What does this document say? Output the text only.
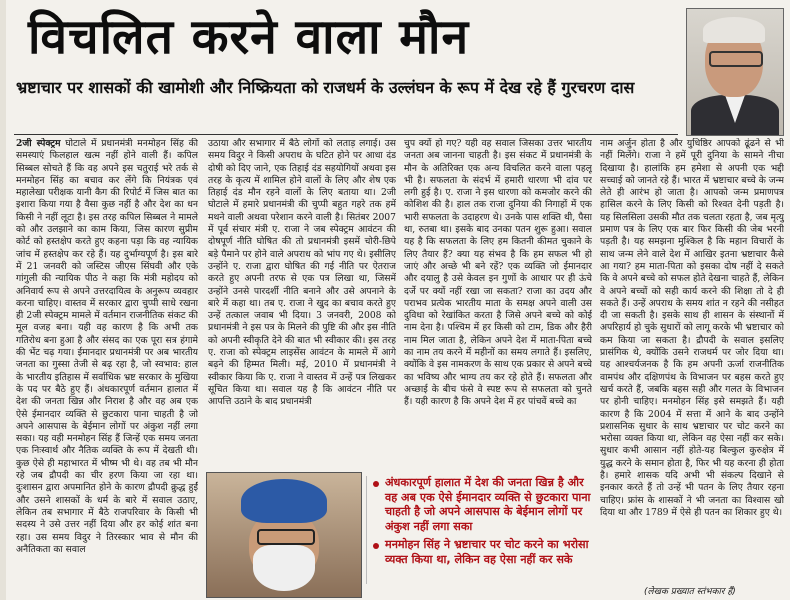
विचलित करने वाला मौन
भ्रष्टाचार पर शासकों की खामोशी और निष्क्रियता को राजधर्म के उल्लंघन के रूप में देख रहे हैं गुरचरण दास

2जी स्पेक्ट्रम घोटाले में प्रधानमंत्री मनमोहन सिंह की समस्याएं फिलहाल खत्म नहीं होने वाली हैं। कपिल सिब्बल सोचते हैं कि वह अपने इस चतुराई भरे तर्क से मनमोहन सिंह का बचाव कर लेंगे कि नियंत्रक एवं महालेखा परीक्षक यानी कैग की रिपोर्ट में जिस बात का इशारा किया गया है वैसा कुछ नहीं है और देश का धन किसी ने नहीं लूटा है। इस तरह कपिल सिब्बल ने मामले को और उलझाने का काम किया, जिस कारण सुप्रीम कोर्ट को हस्तक्षेप करते हुए कहना पड़ा कि वह न्यायिक जांच में हस्तक्षेप कर रहे हैं। यह दुर्भाग्यपूर्ण है। इस बारे में 21 जनवरी को जस्टिस जीएस सिंघवी और एके गांगुली की न्यायिक पीठ ने कहा कि मंत्री महोदय को अनिवार्य रूप से अपने उत्तरदायित्व के अनुरूप व्यवहार करना चाहिए। वास्तव में सरकार द्वारा चुप्पी साधे रखना ही 2जी स्पेक्ट्रम मामले में वर्तमान राजनीतिक संकट की मूल वजह बना। यही वह कारण है कि अभी तक गतिरोध बना हुआ है और संसद का एक पूरा सत्र हंगामे की भेंट चढ़ गया। ईमानदार प्रधानमंत्री पर अब भारतीय जनता का गुस्सा तेजी से बढ़ रहा है, जो स्वभाव: हाल के भारतीय इतिहास में सर्वाधिक भ्रष्ट सरकार के मुखिया के पद पर बैठे हुए हैं। अंधकारपूर्ण वर्तमान हालात में देश की जनता खिन्न और निराश है और वह अब एक ऐसे ईमानदार व्यक्ति से छुटकारा पाना चाहती है जो अपने आसपास के बेईमान लोगों पर अंकुश नहीं लगा सका। यह वही मनमोहन सिंह हैं जिन्हें एक समय जनता एक निःस्वार्थ और नैतिक व्यक्ति के रूप में देखती थी। कुछ ऐसे ही महाभारत में भीष्म भी थे। वह तब भी मौन रहे जब द्रौपदी का चीर हरण किया जा रहा था। दुःशासन द्वारा अपमानित होने के कारण द्रौपदी क्रुद्ध हुईं और उसने शासकों के धर्म के बारे में सवाल उठाए, लेकिन तब सभागार में बैठे राजपरिवार के किसी भी सदस्य ने उसे उत्तर नहीं दिया और हर कोई शांत बना रहा। उस समय विदुर ने तिरस्कार भाव से मौन की अनैतिकता का सवाल

उठाया और सभागार में बैठे लोगों को लताड़ लगाई। उस समय विदुर ने किसी अपराध के घटित होने पर आधा दंड दोषी को दिए जाने, एक तिहाई दंड सहयोगियों अथवा इस तरह के कृत्य में शामिल होने वालों के लिए और शेष एक तिहाई दंड मौन रहने वालों के लिए बताया था। 2जी घोटाले में हमारे प्रधानमंत्री की चुप्पी बहुत गहरे तक हमें मथने वाली अथवा परेशान करने वाली है। सितंबर 2007 में पूर्व संचार मंत्री ए. राजा ने जब स्पेक्ट्रम आवंटन की दोषपूर्ण नीति घोषित की तो प्रधानमंत्री इसमें चोरी-छिपे बड़े पैमाने पर होने वाले अपराध को भांप गए थे। इसीलिए उन्होंने ए. राजा द्वारा घोषित की गई नीति पर ऐतराज करते हुए अपनी तरफ से एक पत्र लिखा था, जिसमें उन्होंने उनसे पारदर्शी नीति बनाने और उसे अपनाने के बारे में कहा था। तब ए. राजा ने खुद का बचाव करते हुए उन्हें तत्काल जवाब भी दिया। 3 जनवरी, 2008 को प्रधानमंत्री ने इस पत्र के मिलने की पुष्टि की और इस नीति को अपनी स्वीकृति देने की बात भी स्वीकार की। इस तरह ए. राजा को स्पेक्ट्रम लाइसेंस आवंटन के मामले में आगे बढ़ने की हिम्मत मिली। मई, 2010 में प्रधानमंत्री ने स्वीकार किया कि ए. राजा ने वास्तव में उन्हें पत्र लिखकर सूचित किया था। सवाल यह है कि आवंटन नीति पर आपत्ति उठाने के बाद प्रधानमंत्री

चुप क्यों हो गए? यही वह सवाल जिसका उत्तर भारतीय जनता अब जानना चाहती है। इस संकट में प्रधानमंत्री के मौन के अतिरिक्त एक अन्य विचलित करने वाला पहलू भी है। सफलता के संदर्भ में हमारी धारणा भी दांव पर लगी हुई है। ए. राजा ने इस धारणा को कमजोर करने की कोशिश की है। हाल तक राजा दुनिया की निगाहों में एक भारी सफलता के उदाहरण थे। उनके पास शक्ति थी, पैसा था, रुतबा था। इसके बाद उनका पतन शुरू हुआ। सवाल यह है कि सफलता के लिए हम कितनी कीमत चुकाने के लिए तैयार हैं? क्या यह संभव है कि हम सफल भी हो जाएं और अच्छे भी बने रहें? एक व्यक्ति जो ईमानदार और दयालु है उसे केवल इन गुणों के आधार पर ही ऊंचे दर्जे पर क्यों नहीं रखा जा सकता? राजा का उदय और पराभव प्रत्येक भारतीय माता के समक्ष अपने वाली उस दुविधा को रेखांकित करता है जिसे अपने बच्चे को कोई नाम देना है। पश्चिम में हर किसी को टाम, डिक और हैरी नाम मिल जाता है, लेकिन अपने देश में माता-पिता बच्चे का नाम तय करने में महीनों का समय लगाते हैं। इसलिए, क्योंकि वे इस नामकरण के साथ एक प्रकार से अपने बच्चे का भविष्य और भाग्य तय कर रहे होते हैं। सफलता और अच्छाई के बीच फंसे वे स्पष्ट रूप से सफलता को चुनते हैं। यही कारण है कि अपने देश में हर पांचवें बच्चे का

नाम अर्जुन होता है और युधिष्ठिर आपको ढूंढने से भी नहीं मिलेंगे। राजा ने हमें पूरी दुनिया के सामने नीचा दिखाया है। हालांकि हम हमेशा से अपनी एक भद्दी सच्चाई को जानते रहे हैं। भारत में भ्रष्टाचार बच्चे के जन्म लेते ही आरंभ हो जाता है। आपको जन्म प्रमाणपत्र हासिल करने के लिए किसी को रिश्वत देनी पड़ती है। यह सिलसिला उसकी मौत तक चलता रहता है, जब मृत्यु प्रमाण पत्र के लिए एक बार फिर किसी की जेब भरनी पड़ती है। यह समझना मुश्किल है कि महान विचारों के साथ जन्म लेने वाले देश में आखिर इतना भ्रष्टाचार कैसे आ गया? हम माता-पिता को इसका दोष नहीं दे सकते कि वे अपने बच्चे को सफल होते देखना चाहते हैं, लेकिन वे अपने बच्चों को सही कार्य करने की शिक्षा तो दे ही सकते हैं। उन्हें अपराध के समय शांत न रहने की नसीहत दी जा सकती है। इसके साथ ही शासन के संस्थानों में अपरिहार्य हो चुके सुधारों को लागू करके भी भ्रष्टाचार को कम किया जा सकता है। द्रौपदी के सवाल इसलिए प्रासंगिक थे, क्योंकि उसने राजधर्म पर जोर दिया था। यह आश्चर्यजनक है कि हम अपनी ऊर्जा राजनीतिक वामपंथ और दक्षिणपंथ के विभाजन पर बहस करते हुए खर्च करते हैं, जबकि बहस सही और गलत के विभाजन पर होनी चाहिए। मनमोहन सिंह इसे समझते हैं। यही कारण है कि 2004 में सत्ता में आने के बाद उन्होंने प्रशासनिक सुधार के साथ भ्रष्टाचार पर चोट करने का भरोसा व्यक्त किया था, लेकिन वह ऐसा नहीं कर सके। सुधार कभी आसान नहीं होते-यह बिल्कुल कुरुक्षेत्र में युद्ध करने के समान होता है, फिर भी यह करना ही होता है। हमारे शासक यदि अभी भी संकल्प दिखाने से इनकार करते हैं तो उन्हें भी पतन के लिए तैयार रहना चाहिए। फ्रांस के शासकों ने भी जनता का विश्वास खो दिया था और 1789 में ऐसे ही पतन का शिकार हुए थे।

अंधकारपूर्ण हालात में देश की जनता खिन्न है और वह अब एक ऐसे ईमानदार व्यक्ति से छुटकारा पाना चाहती है जो अपने आसपास के बेईमान लोगों पर अंकुश नहीं लगा सका
मनमोहन सिंह ने भ्रष्टाचार पर चोट करने का भरोसा व्यक्त किया था, लेकिन वह ऐसा नहीं कर सके
(लेखक प्रख्यात स्तंभकार हैं)
